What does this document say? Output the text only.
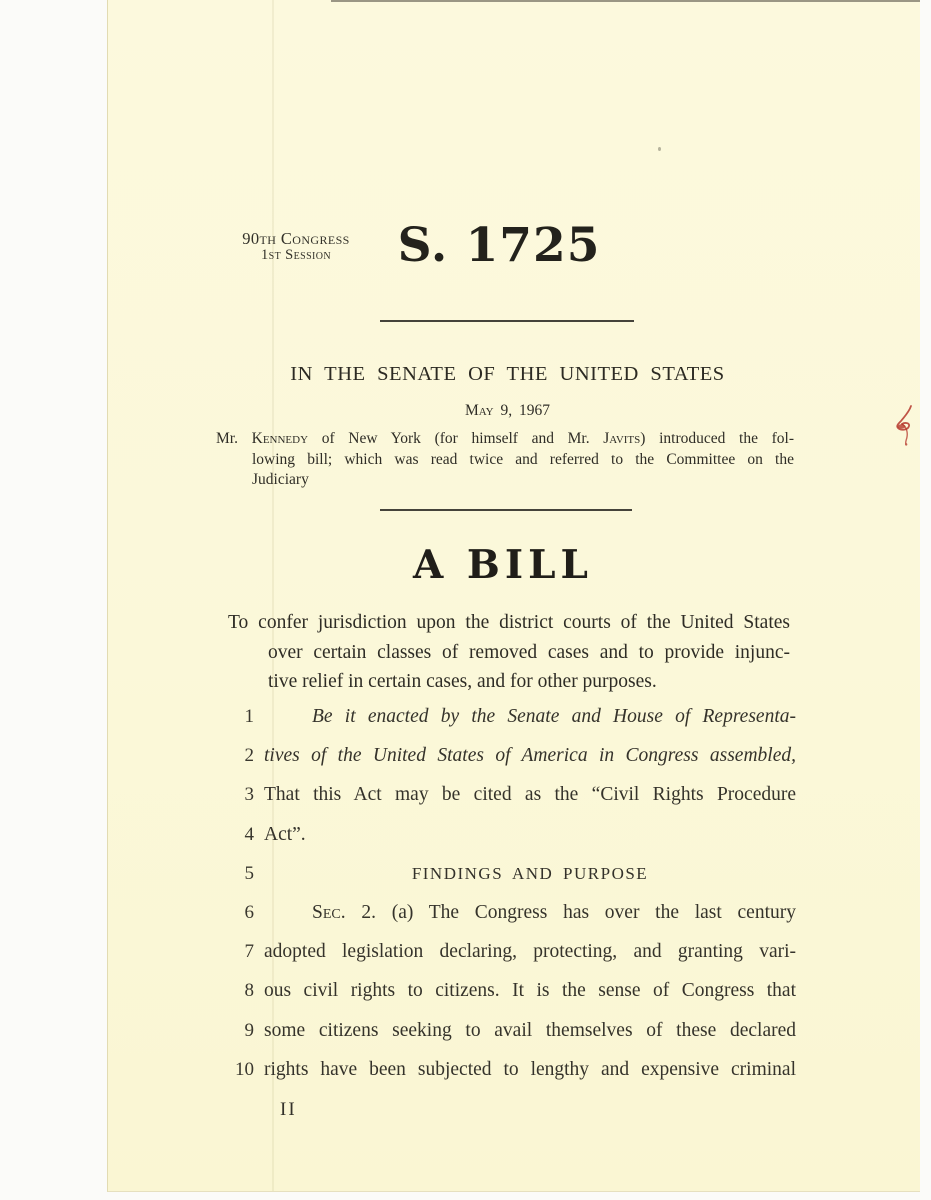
90th Congress
1st Session	S. 1725
IN THE SENATE OF THE UNITED STATES
May 9, 1967
Mr. Kennedy of New York (for himself and Mr. Javits) introduced the fol-
lowing bill; which was read twice and referred to the Committee on the
Judiciary
A BILL
To confer jurisdiction upon the district courts of the United States
over certain classes of removed cases and to provide injunc-
tive relief in certain cases, and for other purposes.
1	Be it enacted by the Senate and House of Representa-
2 tives of the United States of America in Congress assembled,
3 That this Act may be cited as the “Civil Rights Procedure
4 Act”.
5	FINDINGS AND PURPOSE
6	Sec. 2. (a) The Congress has over the last century
7 adopted legislation declaring, protecting, and granting vari-
8 ous civil rights to citizens. It is the sense of Congress that
9 some citizens seeking to avail themselves of these declared
10 rights have been subjected to lengthy and expensive criminal
II
